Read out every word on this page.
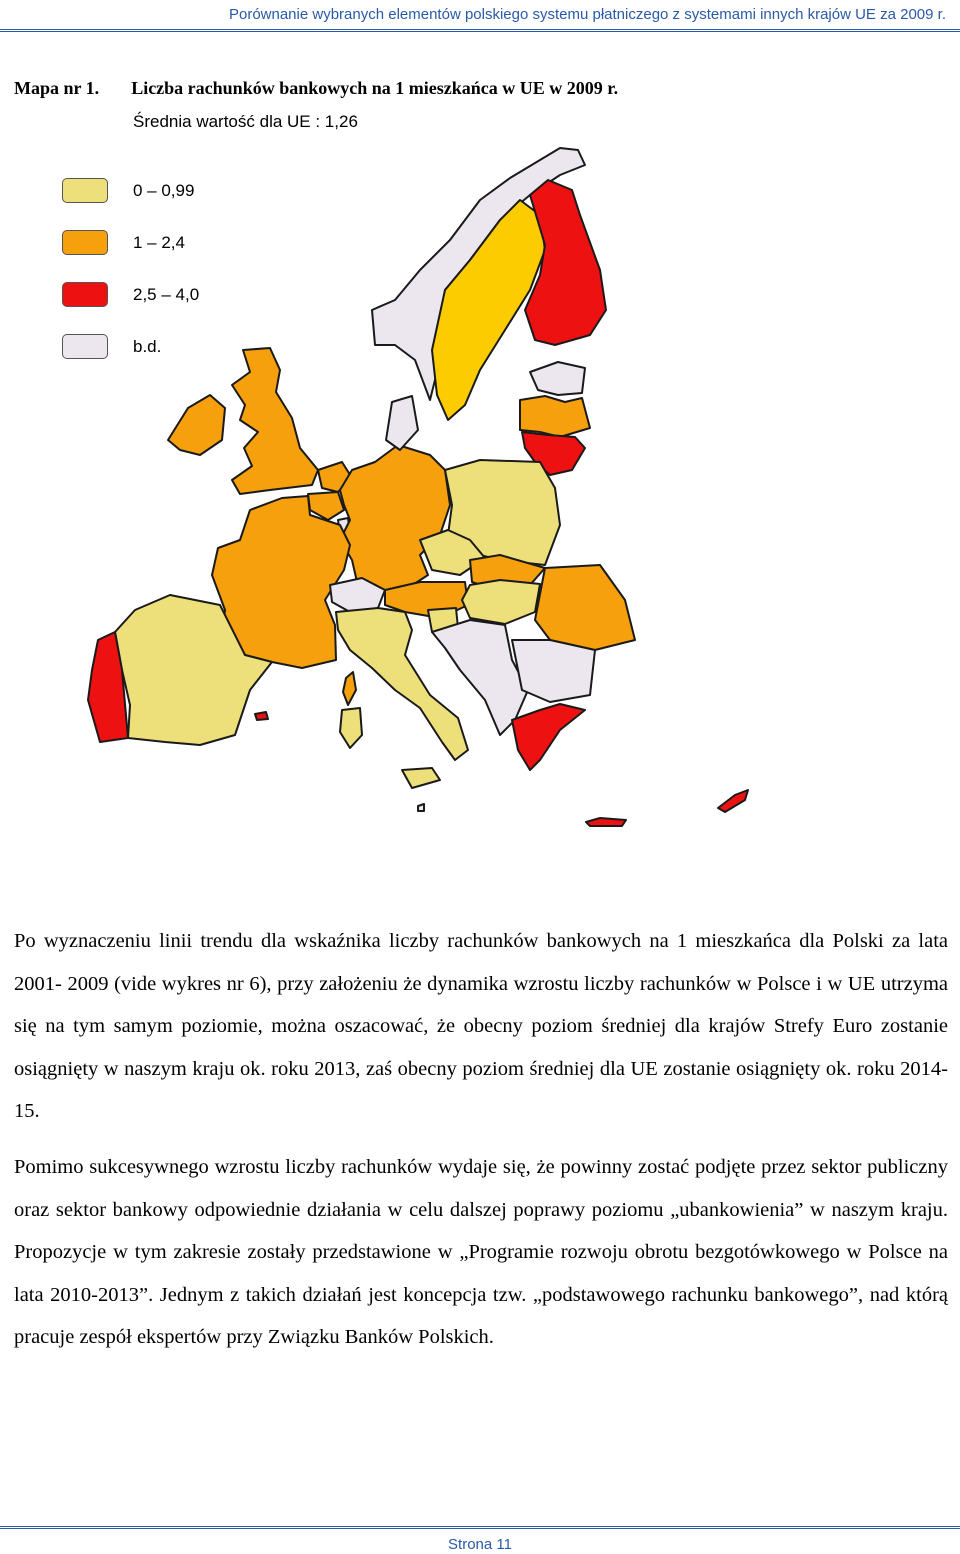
Porównanie wybranych elementów polskiego systemu płatniczego z systemami innych krajów UE za 2009 r.
Mapa nr 1. Liczba rachunków bankowych na 1 mieszkańca w UE w 2009 r.
Średnia wartość dla UE : 1,26
0 – 0,99
1 – 2,4
2,5 – 4,0
b.d.

Po wyznaczeniu linii trendu dla wskaźnika liczby rachunków bankowych na 1 mieszkańca dla Polski za lata 2001- 2009 (vide wykres nr 6), przy założeniu że dynamika wzrostu liczby rachunków w Polsce i w UE utrzyma się na tym samym poziomie, można oszacować, że obecny poziom średniej dla krajów Strefy Euro zostanie osiągnięty w naszym kraju ok. roku 2013, zaś obecny poziom średniej dla UE zostanie osiągnięty ok. roku 2014-15.

Pomimo sukcesywnego wzrostu liczby rachunków wydaje się, że powinny zostać podjęte przez sektor publiczny oraz sektor bankowy odpowiednie działania w celu dalszej poprawy poziomu „ubankowienia” w naszym kraju. Propozycje w tym zakresie zostały przedstawione w „Programie rozwoju obrotu bezgotówkowego w Polsce na lata 2010-2013”. Jednym z takich działań jest koncepcja tzw. „podstawowego rachunku bankowego”, nad którą pracuje zespół ekspertów przy Związku Banków Polskich.

Strona 11
